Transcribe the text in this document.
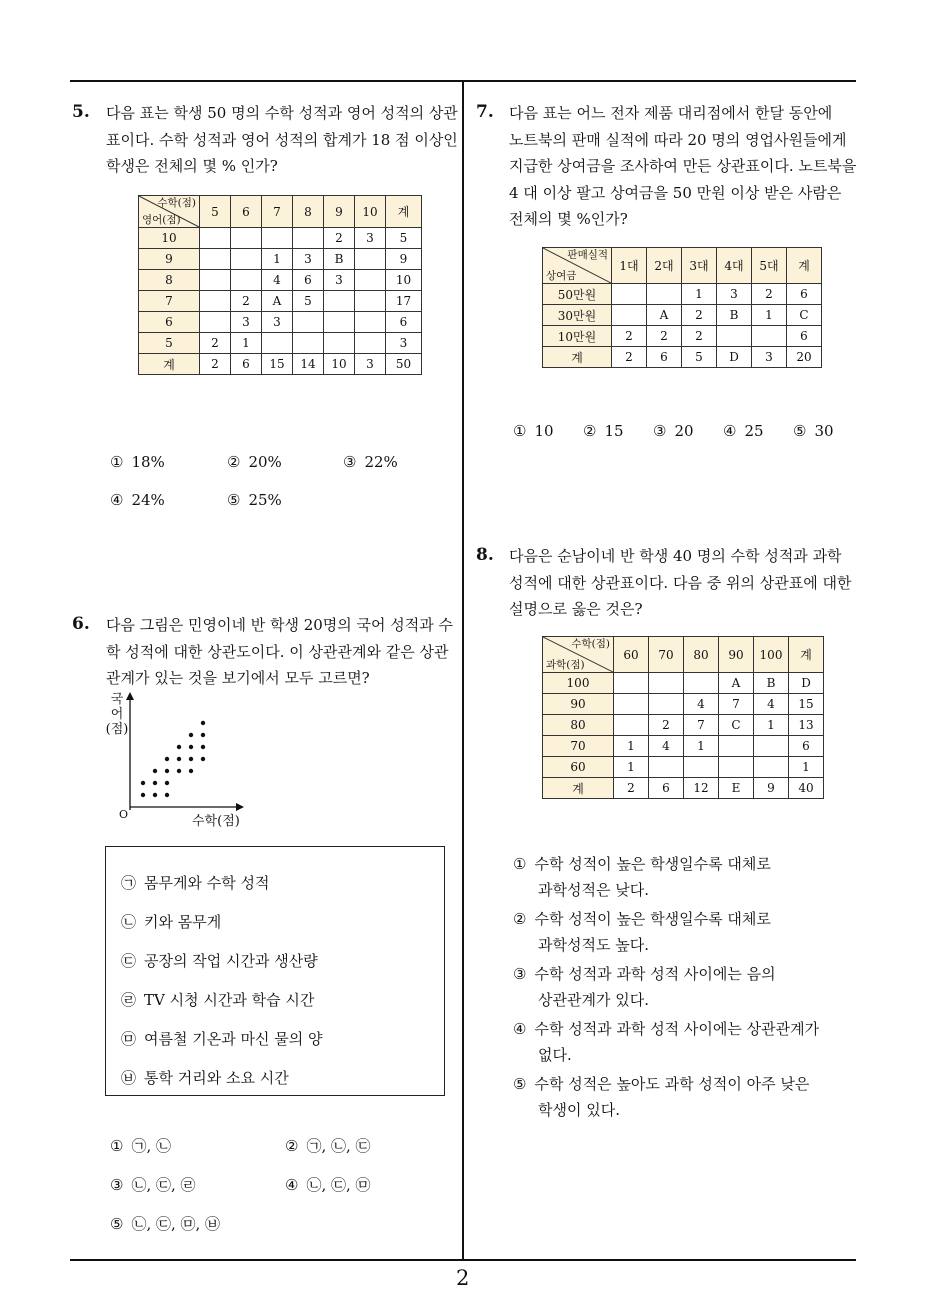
2
5. 다음 표는 학생 50 명의 수학 성적과 영어 성적의 상관
표이다. 수학 성적과 영어 성적의 합계가 18 점 이상인
학생은 전체의 몇 % 인가?
수학(점)
영어(점)	5	6	7	8	9	10	계
10					2	3	5
9			1	3	B		9
8			4	6	3		10
7		2	A	5			17
6		3	3				6
5	2	1					3
계	2	6	15	14	10	3	50
① 18%	② 20%	③ 22%
④ 24%	⑤ 25%
6. 다음 그림은 민영이네 반 학생 20명의 국어 성적과 수
학 성적에 대한 상관도이다. 이 상관관계와 같은 상관
관계가 있는 것을 보기에서 모두 고르면?
국
어
(점)
O	수학(점)
㉠ 몸무게와 수학 성적
㉡ 키와 몸무게
㉢ 공장의 작업 시간과 생산량
㉣ TV 시청 시간과 학습 시간
㉤ 여름철 기온과 마신 물의 양
㉥ 통학 거리와 소요 시간
① ㉠, ㉡	② ㉠, ㉡, ㉢
③ ㉡, ㉢, ㉣	④ ㉡, ㉢, ㉤
⑤ ㉡, ㉢, ㉤, ㉥
7. 다음 표는 어느 전자 제품 대리점에서 한달 동안에
노트북의 판매 실적에 따라 20 명의 영업사원들에게
지급한 상여금을 조사하여 만든 상관표이다. 노트북을
4 대 이상 팔고 상여금을 50 만원 이상 받은 사람은
전체의 몇 %인가?
판매실적
상여금	1대	2대	3대	4대	5대	계
50만원			1	3	2	6
30만원		A	2	B	1	C
10만원	2	2	2			6
계	2	6	5	D	3	20
① 10 ② 15 ③ 20 ④ 25 ⑤ 30
8. 다음은 순남이네 반 학생 40 명의 수학 성적과 과학
성적에 대한 상관표이다. 다음 중 위의 상관표에 대한
설명으로 옳은 것은?
수학(점)
과학(점)	60	70	80	90	100	계
100				A	B	D
90			4	7	4	15
80		2	7	C	1	13
70	1	4	1			6
60	1					1
계	2	6	12	E	9	40
① 수학 성적이 높은 학생일수록 대체로
과학성적은 낮다.
② 수학 성적이 높은 학생일수록 대체로
과학성적도 높다.
③ 수학 성적과 과학 성적 사이에는 음의
상관관계가 있다.
④ 수학 성적과 과학 성적 사이에는 상관관계가
없다.
⑤ 수학 성적은 높아도 과학 성적이 아주 낮은
학생이 있다.
